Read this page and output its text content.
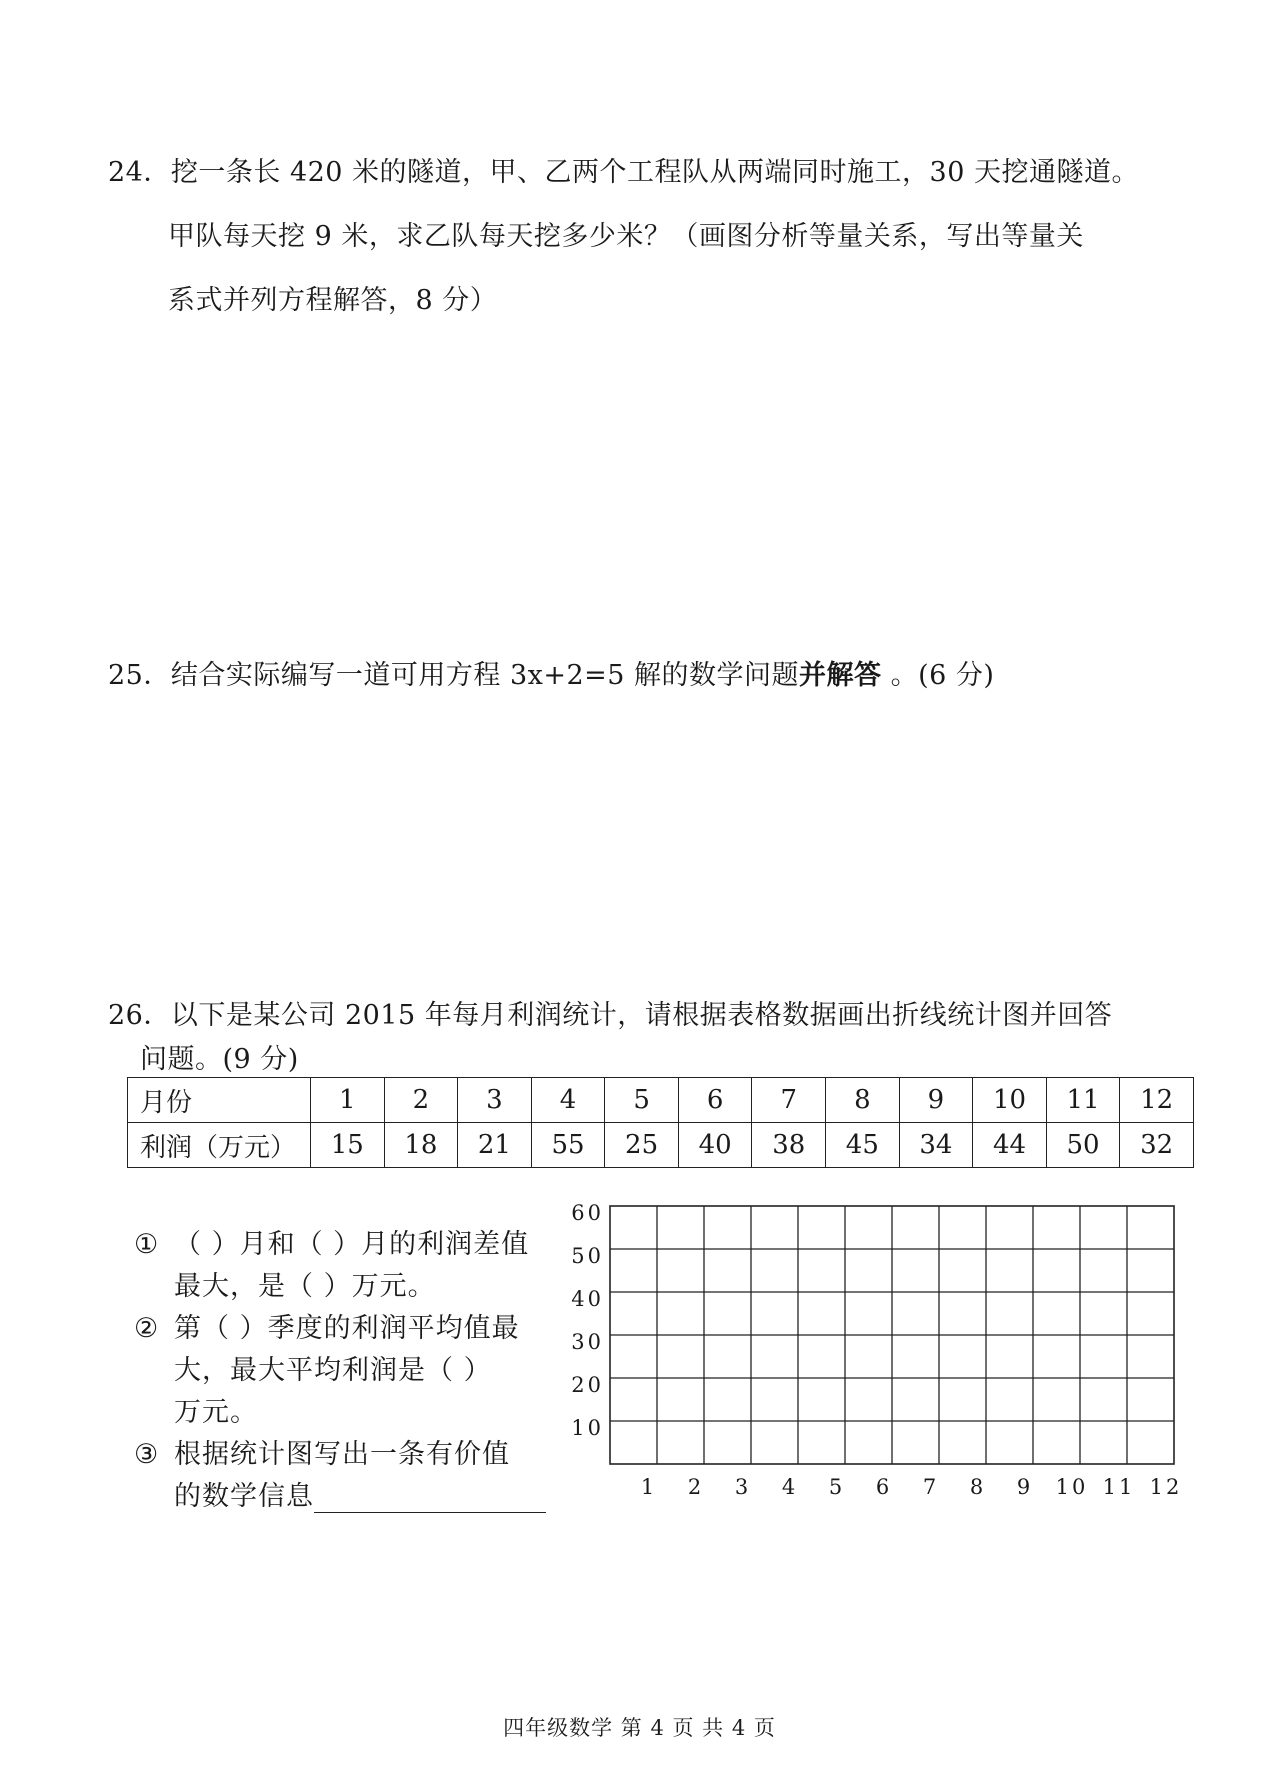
24．挖一条长 420 米的隧道，甲、乙两个工程队从两端同时施工，30 天挖通隧道。
甲队每天挖 9 米，求乙队每天挖多少米？（画图分析等量关系，写出等量关
系式并列方程解答，8 分）
25．结合实际编写一道可用方程 3x+2=5 解的数学问题并解答 。(6 分)
26．以下是某公司 2015 年每月利润统计，请根据表格数据画出折线统计图并回答
问题。(9 分)
月份	1	2	3	4	5	6	7	8	9	10	11	12
利润（万元）	15	18	21	55	25	40	38	45	34	44	50	32
① （ ）月和（ ）月的利润差值
最大，是（ ）万元。
② 第（ ）季度的利润平均值最
大，最大平均利润是（ ）
万元。
③ 根据统计图写出一条有价值
的数学信息
10
20
30
40
50
60
1 2 3 4 5 6 7 8 9 10 11 12
四年级数学 第 4 页 共 4 页
